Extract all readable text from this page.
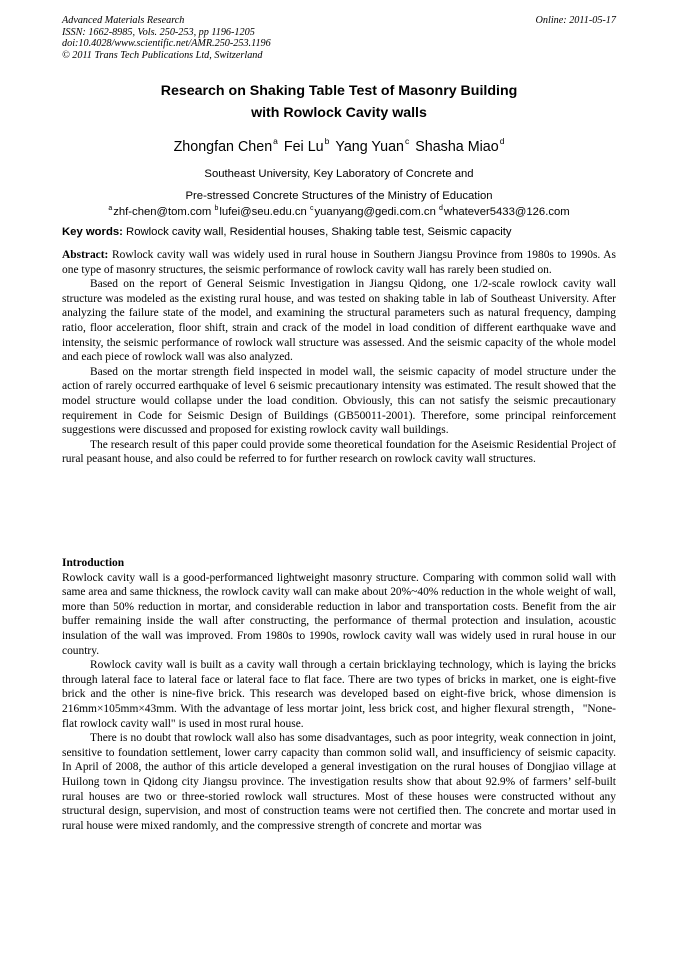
Advanced Materials Research
ISSN: 1662-8985, Vols. 250-253, pp 1196-1205
doi:10.4028/www.scientific.net/AMR.250-253.1196
© 2011 Trans Tech Publications Ltd, Switzerland
Online: 2011-05-17
Research on Shaking Table Test of Masonry Building
with Rowlock Cavity walls
Zhongfan Chen$^a$ Fei Lu$^b$ Yang Yuan$^c$ Shasha Miao$^d$
Southeast University, Key Laboratory of Concrete and
Pre-stressed Concrete Structures of the Ministry of Education
$^a$zhf-chen@tom.com $^b$lufei@seu.edu.cn $^c$yuanyang@gedi.com.cn $^d$whatever5433@126.com
Key words: Rowlock cavity wall, Residential houses, Shaking table test, Seismic capacity

Abstract: Rowlock cavity wall was widely used in rural house in Southern Jiangsu Province from 1980s to 1990s. As one type of masonry structures, the seismic performance of rowlock cavity wall has rarely been studied on.

Based on the report of General Seismic Investigation in Jiangsu Qidong, one 1/2-scale rowlock cavity wall structure was modeled as the existing rural house, and was tested on shaking table in lab of Southeast University. After analyzing the failure state of the model, and examining the structural parameters such as natural frequency, damping ratio, floor acceleration, floor shift, strain and crack of the model in load condition of different earthquake wave and intensity, the seismic performance of rowlock wall structure was assessed. And the seismic capacity of the whole model and each piece of rowlock wall was also analyzed.

Based on the mortar strength field inspected in model wall, the seismic capacity of model structure under the action of rarely occurred earthquake of level 6 seismic precautionary intensity was estimated. The result showed that the model structure would collapse under the load condition. Obviously, this can not satisfy the seismic precautionary requirement in Code for Seismic Design of Buildings (GB50011-2001). Therefore, some principal reinforcement suggestions were discussed and proposed for existing rowlock cavity wall buildings.

The research result of this paper could provide some theoretical foundation for the Aseismic Residential Project of rural peasant house, and also could be referred to for further research on rowlock cavity wall structures.

Introduction

Rowlock cavity wall is a good-performanced lightweight masonry structure. Comparing with common solid wall with same area and same thickness, the rowlock cavity wall can make about 20%~40% reduction in the whole weight of wall, more than 50% reduction in mortar, and considerable reduction in labor and transportation costs. Benefit from the air buffer remaining inside the wall after constructing, the performance of thermal protection and insulation, acoustic insulation of the wall was improved. From 1980s to 1990s, rowlock cavity wall was widely used in rural house in our country.

Rowlock cavity wall is built as a cavity wall through a certain bricklaying technology, which is laying the bricks through lateral face to lateral face or lateral face to flat face. There are two types of bricks in market, one is eight-five brick and the other is nine-five brick. This research was developed based on eight-five brick, whose dimension is 216mm×105mm×43mm. With the advantage of less mortar joint, less brick cost, and higher flexural strength，"None-flat rowlock cavity wall" is used in most rural house.

There is no doubt that rowlock wall also has some disadvantages, such as poor integrity, weak connection in joint, sensitive to foundation settlement, lower carry capacity than common solid wall, and insufficiency of seismic capacity. In April of 2008, the author of this article developed a general investigation on the rural houses of Dongjiao village at Huilong town in Qidong city Jiangsu province. The investigation results show that about 92.9% of farmers’ self-built rural houses are two or three-storied rowlock wall structures. Most of these houses were constructed without any structural design, supervision, and most of construction teams were not certified then. The concrete and mortar used in rural house were mixed randomly, and the compressive strength of concrete and mortar was
